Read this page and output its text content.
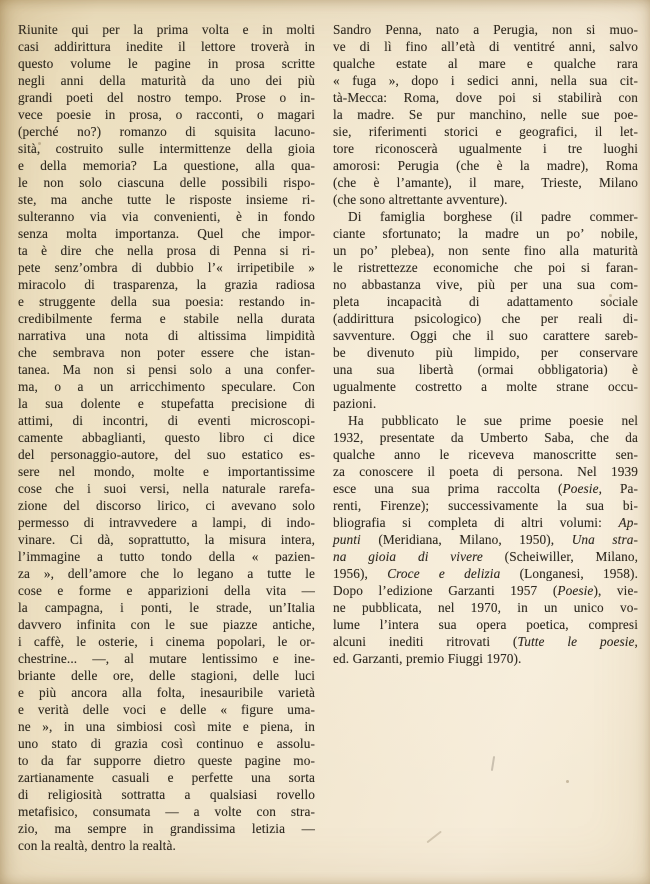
Riunite qui per la prima volta e in molti
casi addirittura inedite il lettore troverà in
questo volume le pagine in prosa scritte
negli anni della maturità da uno dei più
grandi poeti del nostro tempo. Prose o in-
vece poesie in prosa, o racconti, o magari
(perché no?) romanzo di squisita lacuno-
sità, costruito sulle intermittenze della gioia
e della memoria? La questione, alla qua-
le non solo ciascuna delle possibili rispo-
ste, ma anche tutte le risposte insieme ri-
sulteranno via via convenienti, è in fondo
senza molta importanza. Quel che impor-
ta è dire che nella prosa di Penna si ri-
pete senz’ombra di dubbio l’« irripetibile »
miracolo di trasparenza, la grazia radiosa
e struggente della sua poesia: restando in-
credibilmente ferma e stabile nella durata
narrativa una nota di altissima limpidità
che sembrava non poter essere che istan-
tanea. Ma non si pensi solo a una confer-
ma, o a un arricchimento speculare. Con
la sua dolente e stupefatta precisione di
attimi, di incontri, di eventi microscopi-
camente abbaglianti, questo libro ci dice
del personaggio-autore, del suo estatico es-
sere nel mondo, molte e importantissime
cose che i suoi versi, nella naturale rarefa-
zione del discorso lirico, ci avevano solo
permesso di intravvedere a lampi, di indo-
vinare. Ci dà, soprattutto, la misura intera,
l’immagine a tutto tondo della « pazien-
za », dell’amore che lo legano a tutte le
cose e forme e apparizioni della vita —
la campagna, i ponti, le strade, un’Italia
davvero infinita con le sue piazze antiche,
i caffè, le osterie, i cinema popolari, le or-
chestrine... —, al mutare lentissimo e ine-
briante delle ore, delle stagioni, delle luci
e più ancora alla folta, inesauribile varietà
e verità delle voci e delle « figure uma-
ne », in una simbiosi così mite e piena, in
uno stato di grazia così continuo e assolu-
to da far supporre dietro queste pagine mo-
zartianamente casuali e perfette una sorta
di religiosità sottratta a qualsiasi rovello
metafisico, consumata — a volte con stra-
zio, ma sempre in grandissima letizia —
con la realtà, dentro la realtà.
Sandro Penna, nato a Perugia, non si muo-
ve di lì fino all’età di ventitré anni, salvo
qualche estate al mare e qualche rara
« fuga », dopo i sedici anni, nella sua cit-
tà-Mecca: Roma, dove poi si stabilirà con
la madre. Se pur manchino, nelle sue poe-
sie, riferimenti storici e geografici, il let-
tore riconoscerà ugualmente i tre luoghi
amorosi: Perugia (che è la madre), Roma
(che è l’amante), il mare, Trieste, Milano
(che sono altrettante avventure).
Di famiglia borghese (il padre commer-
ciante sfortunato; la madre un po’ nobile,
un po’ plebea), non sente fino alla maturità
le ristrettezze economiche che poi si faran-
no abbastanza vive, più per una sua com-
pleta incapacità di adattamento sociale
(addirittura psicologico) che per reali di-
savventure. Oggi che il suo carattere sareb-
be divenuto più limpido, per conservare
una sua libertà (ormai obbligatoria) è
ugualmente costretto a molte strane occu-
pazioni.
Ha pubblicato le sue prime poesie nel
1932, presentate da Umberto Saba, che da
qualche anno le riceveva manoscritte sen-
za conoscere il poeta di persona. Nel 1939
esce una sua prima raccolta (Poesie, Pa-
renti, Firenze); successivamente la sua bi-
bliografia si completa di altri volumi: Ap-
punti (Meridiana, Milano, 1950), Una stra-
na gioia di vivere (Scheiwiller, Milano,
1956), Croce e delizia (Longanesi, 1958).
Dopo l’edizione Garzanti 1957 (Poesie), vie-
ne pubblicata, nel 1970, in un unico vo-
lume l’intera sua opera poetica, compresi
alcuni inediti ritrovati (Tutte le poesie,
ed. Garzanti, premio Fiuggi 1970).
